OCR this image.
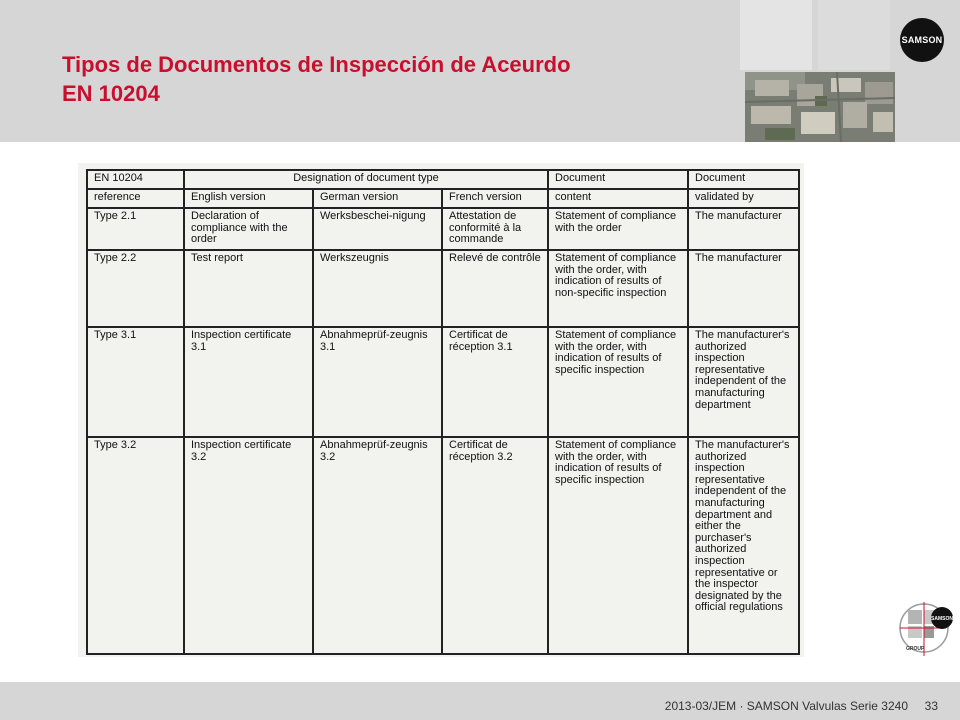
Tipos de Documentos de Inspección de Aceurdo
EN 10204
SAMSON
EN 10204	Designation of document type			Document	Document
reference	English version	German version	French version	content	validated by
Type 2.1	Declaration of compliance with the order	Werksbeschei-nigung	Attestation de conformité à la commande	Statement of compliance with the order	The manufacturer
Type 2.2	Test report	Werkszeugnis	Relevé de contrôle	Statement of compliance with the order, with indication of results of non-specific inspection	The manufacturer
Type 3.1	Inspection certificate 3.1	Abnahmeprüf-zeugnis 3.1	Certificat de réception 3.1	Statement of compliance with the order, with indication of results of specific inspection	The manufacturer's authorized inspection representative independent of the manufacturing department
Type 3.2	Inspection certificate 3.2	Abnahmeprüf-zeugnis 3.2	Certificat de réception 3.2	Statement of compliance with the order, with indication of results of specific inspection	The manufacturer's authorized inspection representative independent of the manufacturing department and either the purchaser's authorized inspection representative or the inspector designated by the official regulations
SAMSON
GROUP
2013-03/JEM · SAMSON Valvulas Serie 3240 33
